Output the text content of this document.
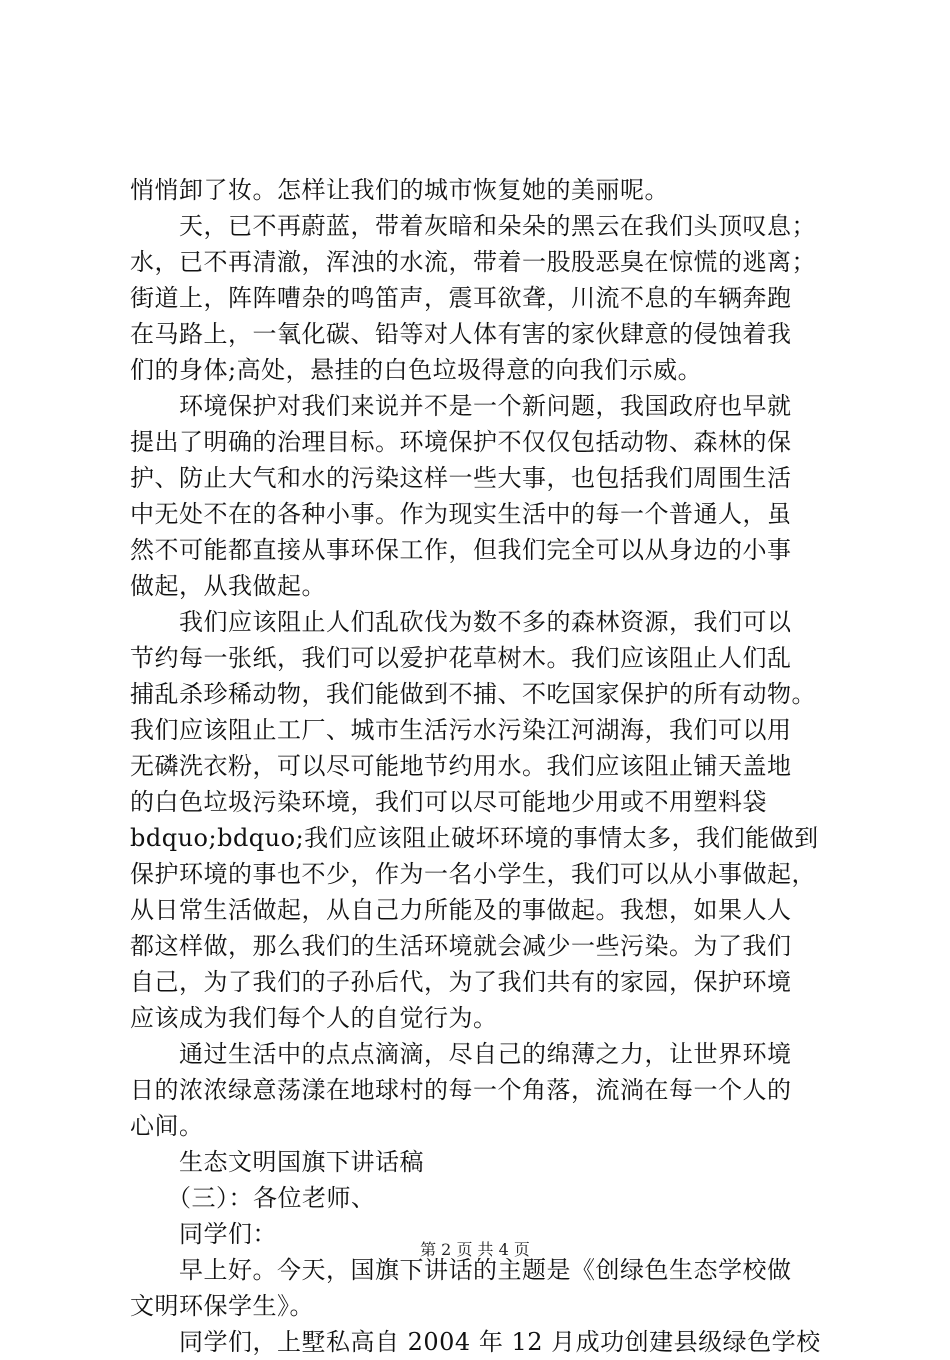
悄悄卸了妆。怎样让我们的城市恢复她的美丽呢。
　　天，已不再蔚蓝，带着灰暗和朵朵的黑云在我们头顶叹息；
水，已不再清澈，浑浊的水流，带着一股股恶臭在惊慌的逃离；
街道上，阵阵嘈杂的鸣笛声，震耳欲聋，川流不息的车辆奔跑
在马路上，一氧化碳、铅等对人体有害的家伙肆意的侵蚀着我
们的身体;高处，悬挂的白色垃圾得意的向我们示威。
　　环境保护对我们来说并不是一个新问题，我国政府也早就
提出了明确的治理目标。环境保护不仅仅包括动物、森林的保
护、防止大气和水的污染这样一些大事，也包括我们周围生活
中无处不在的各种小事。作为现实生活中的每一个普通人，虽
然不可能都直接从事环保工作，但我们完全可以从身边的小事
做起，从我做起。
　　我们应该阻止人们乱砍伐为数不多的森林资源，我们可以
节约每一张纸，我们可以爱护花草树木。我们应该阻止人们乱
捕乱杀珍稀动物，我们能做到不捕、不吃国家保护的所有动物。
我们应该阻止工厂、城市生活污水污染江河湖海，我们可以用
无磷洗衣粉，可以尽可能地节约用水。我们应该阻止铺天盖地
的白色垃圾污染环境，我们可以尽可能地少用或不用塑料袋
bdquo;bdquo;我们应该阻止破坏环境的事情太多，我们能做到
保护环境的事也不少，作为一名小学生，我们可以从小事做起，
从日常生活做起，从自己力所能及的事做起。我想，如果人人
都这样做，那么我们的生活环境就会减少一些污染。为了我们
自己，为了我们的子孙后代，为了我们共有的家园，保护环境
应该成为我们每个人的自觉行为。
　　通过生活中的点点滴滴，尽自己的绵薄之力，让世界环境
日的浓浓绿意荡漾在地球村的每一个角落，流淌在每一个人的
心间。
　　生态文明国旗下讲话稿
　　（三）：各位老师、
　　同学们：
　　早上好。今天，国旗下讲话的主题是《创绿色生态学校做
文明环保学生》。
　　同学们，上墅私高自 2004 年 12 月成功创建县级绿色学校
第 2 页 共 4 页
